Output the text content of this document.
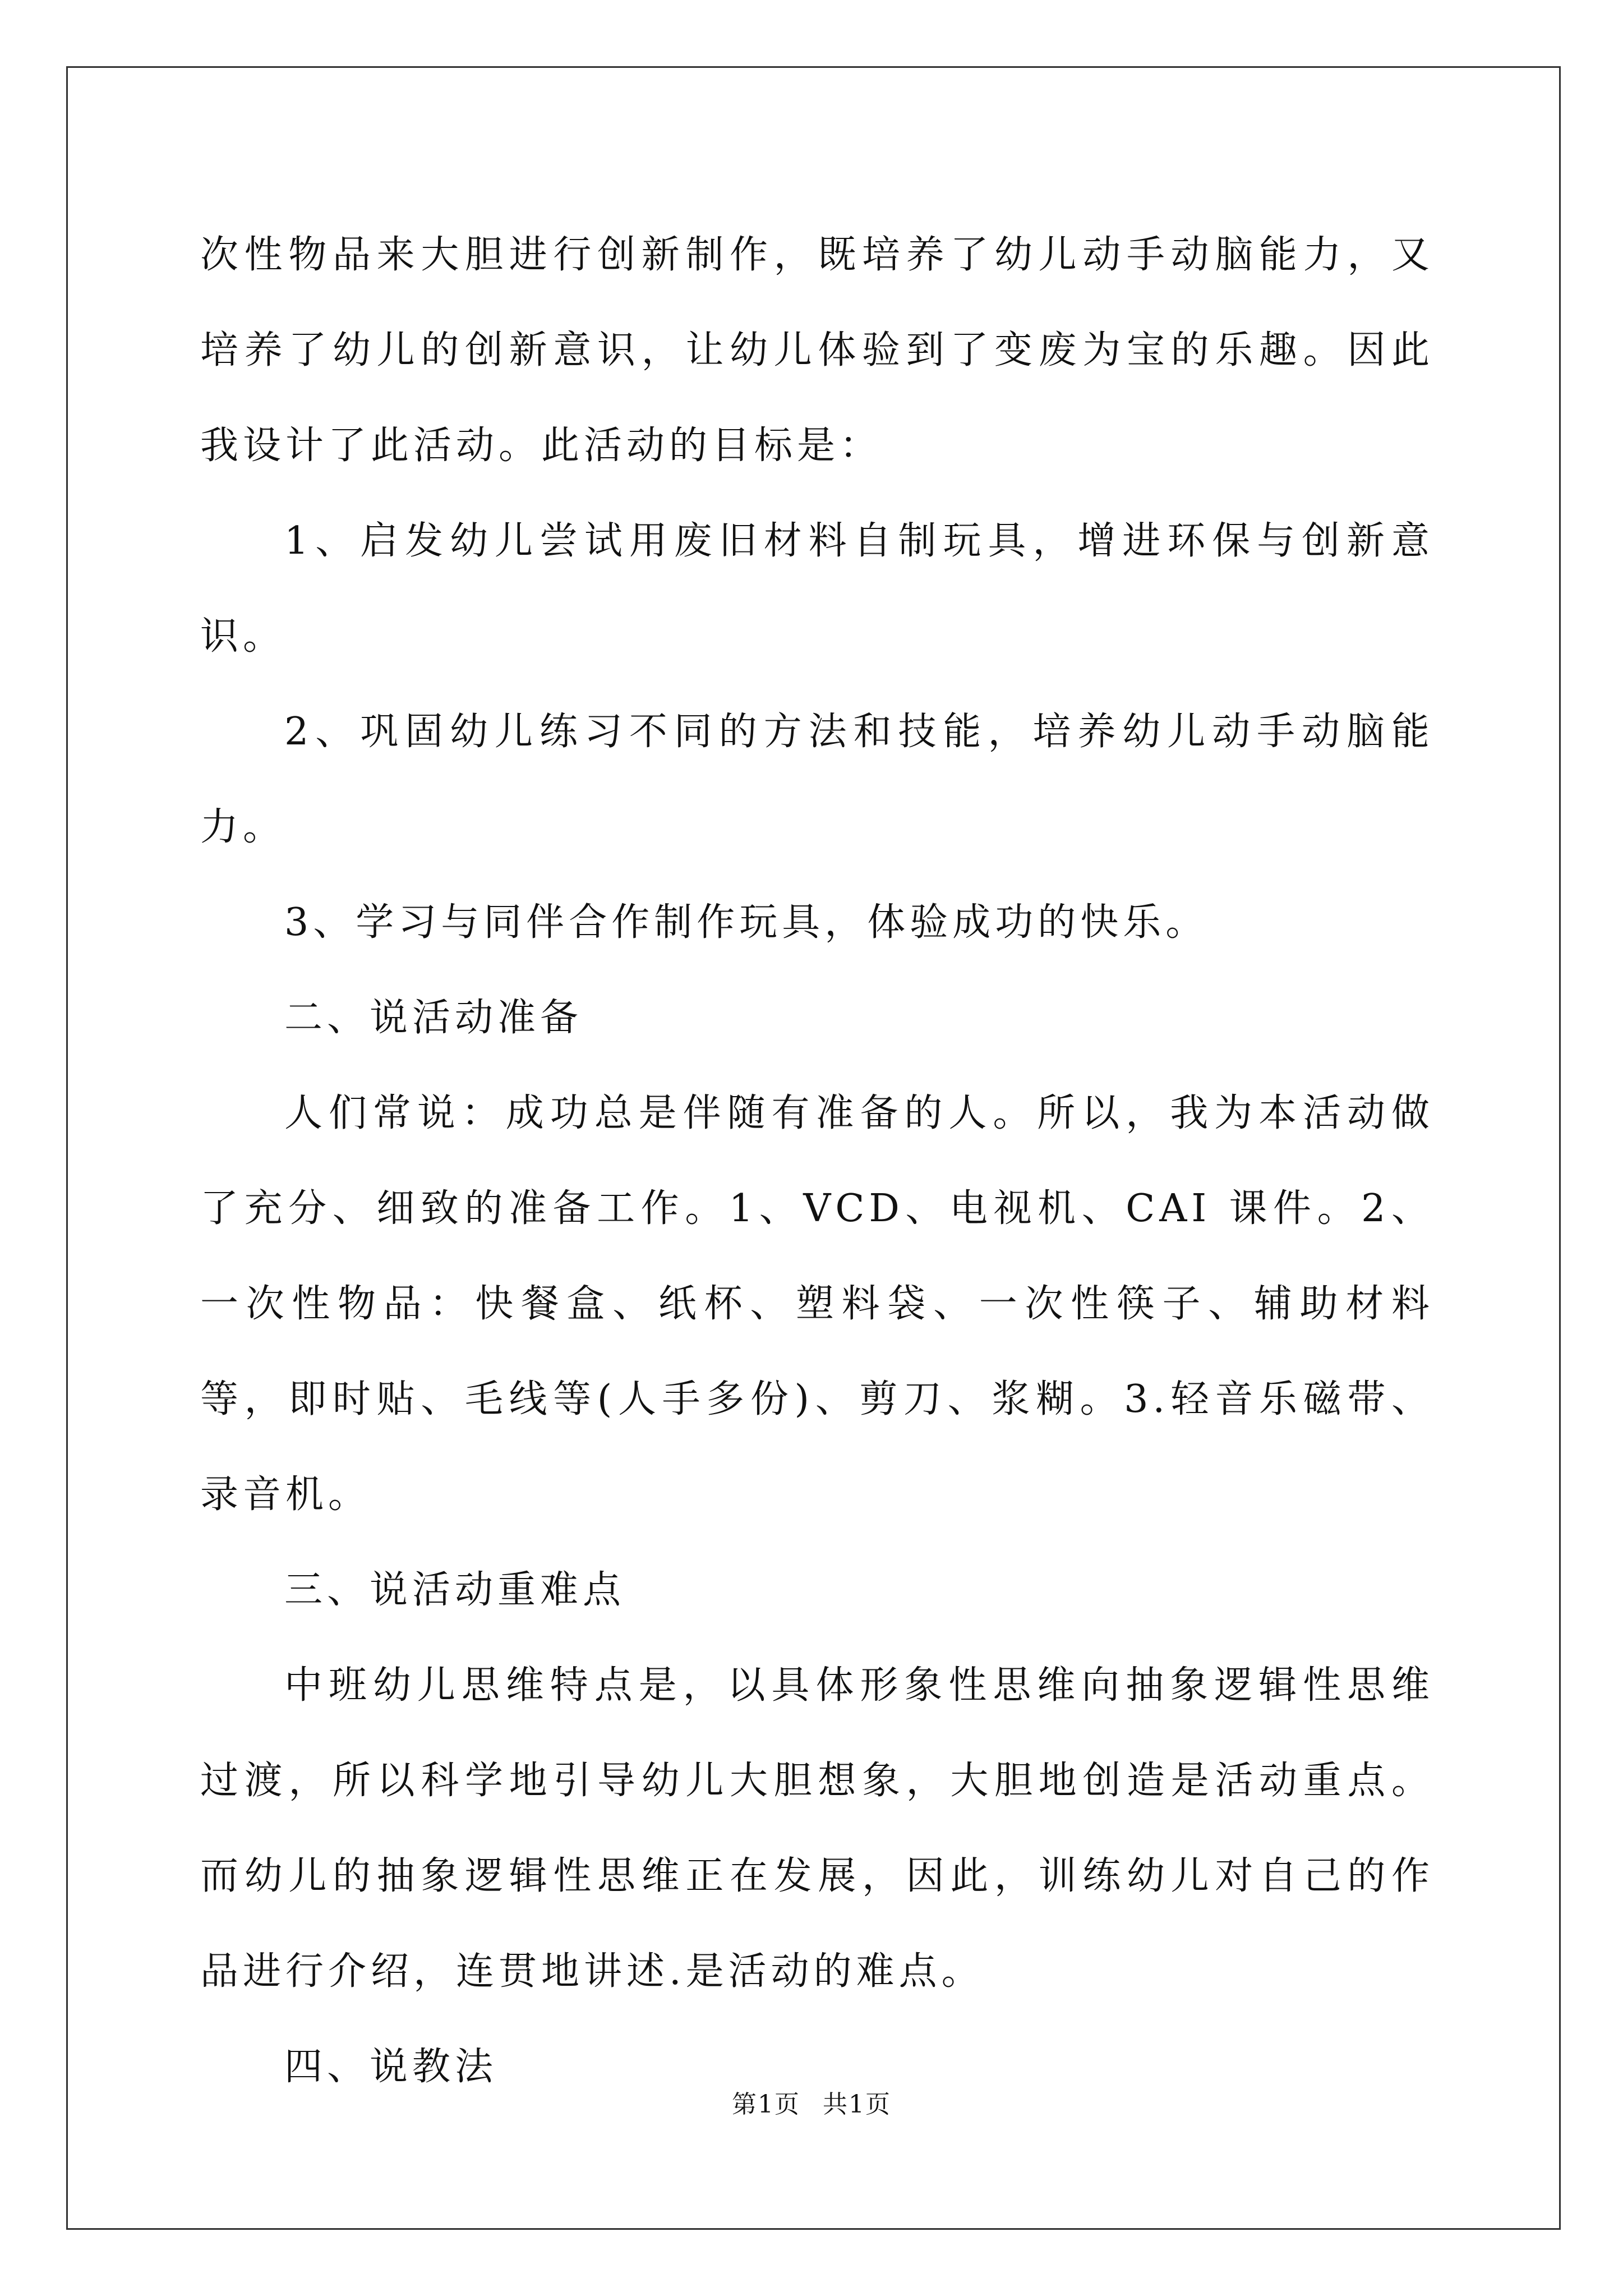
次性物品来大胆进行创新制作，既培养了幼儿动手动脑能力，又培养了幼儿的创新意识，让幼儿体验到了变废为宝的乐趣。因此我设计了此活动。此活动的目标是：

1、启发幼儿尝试用废旧材料自制玩具，增进环保与创新意识。

2、巩固幼儿练习不同的方法和技能，培养幼儿动手动脑能力。

3、学习与同伴合作制作玩具，体验成功的快乐。

二、说活动准备

人们常说：成功总是伴随有准备的人。所以，我为本活动做了充分、细致的准备工作。1、VCD、电视机、CAI 课件。2、一次性物品：快餐盒、纸杯、塑料袋、一次性筷子、辅助材料等，即时贴、毛线等(人手多份)、剪刀、浆糊。3.轻音乐磁带、录音机。

三、说活动重难点

中班幼儿思维特点是，以具体形象性思维向抽象逻辑性思维过渡，所以科学地引导幼儿大胆想象，大胆地创造是活动重点。而幼儿的抽象逻辑性思维正在发展，因此，训练幼儿对自己的作品进行介绍，连贯地讲述.是活动的难点。

四、说教法

第1页 共1页
